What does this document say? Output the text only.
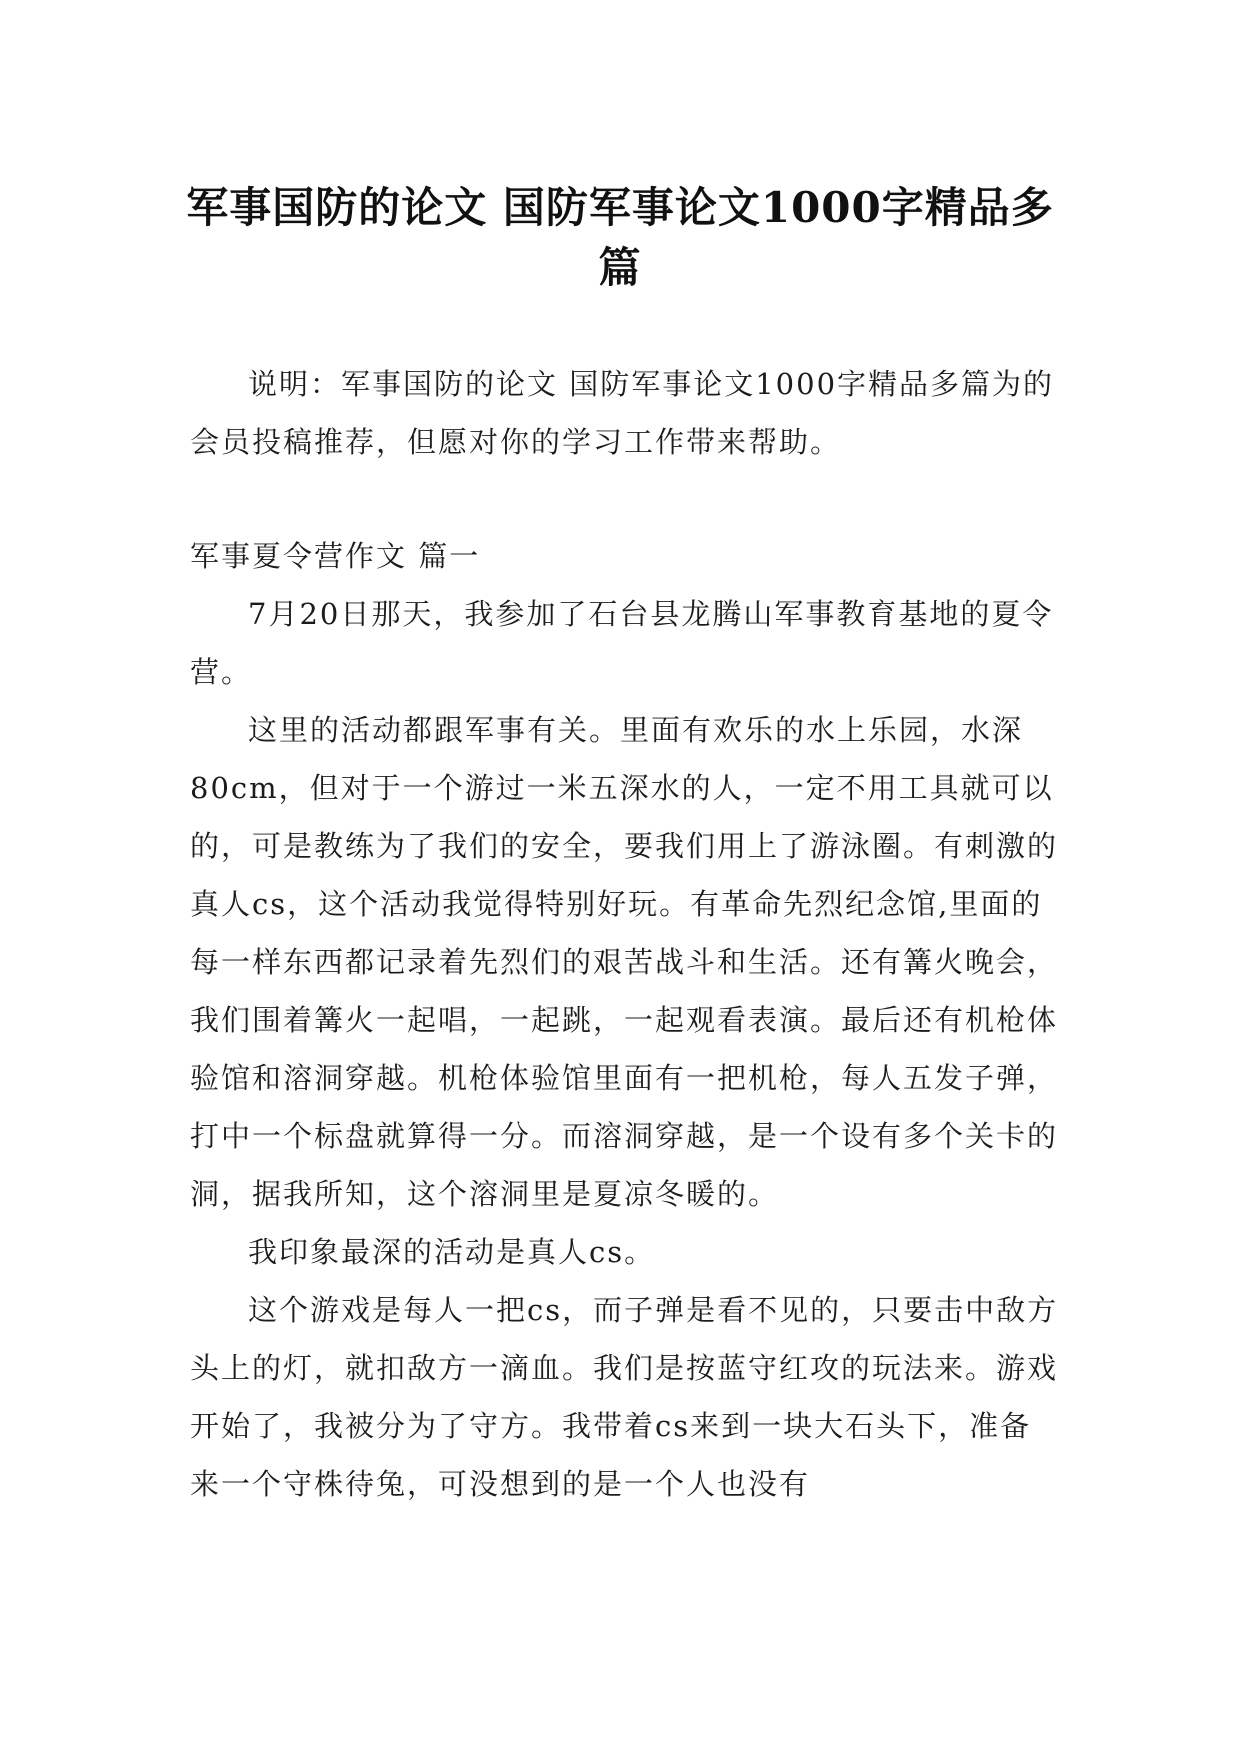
军事国防的论文 国防军事论文1000字精品多篇

说明：军事国防的论文 国防军事论文1000字精品多篇为的会员投稿推荐，但愿对你的学习工作带来帮助。

军事夏令营作文 篇一

7月20日那天，我参加了石台县龙腾山军事教育基地的夏令营。

这里的活动都跟军事有关。里面有欢乐的水上乐园，水深80cm，但对于一个游过一米五深水的人，一定不用工具就可以的，可是教练为了我们的安全，要我们用上了游泳圈。有刺激的真人cs，这个活动我觉得特别好玩。有革命先烈纪念馆,里面的每一样东西都记录着先烈们的艰苦战斗和生活。还有篝火晚会，我们围着篝火一起唱，一起跳，一起观看表演。最后还有机枪体验馆和溶洞穿越。机枪体验馆里面有一把机枪，每人五发子弹，打中一个标盘就算得一分。而溶洞穿越，是一个设有多个关卡的洞，据我所知，这个溶洞里是夏凉冬暖的。

我印象最深的活动是真人cs。

这个游戏是每人一把cs，而子弹是看不见的，只要击中敌方头上的灯，就扣敌方一滴血。我们是按蓝守红攻的玩法来。游戏开始了，我被分为了守方。我带着cs来到一块大石头下，准备来一个守株待兔，可没想到的是一个人也没有
